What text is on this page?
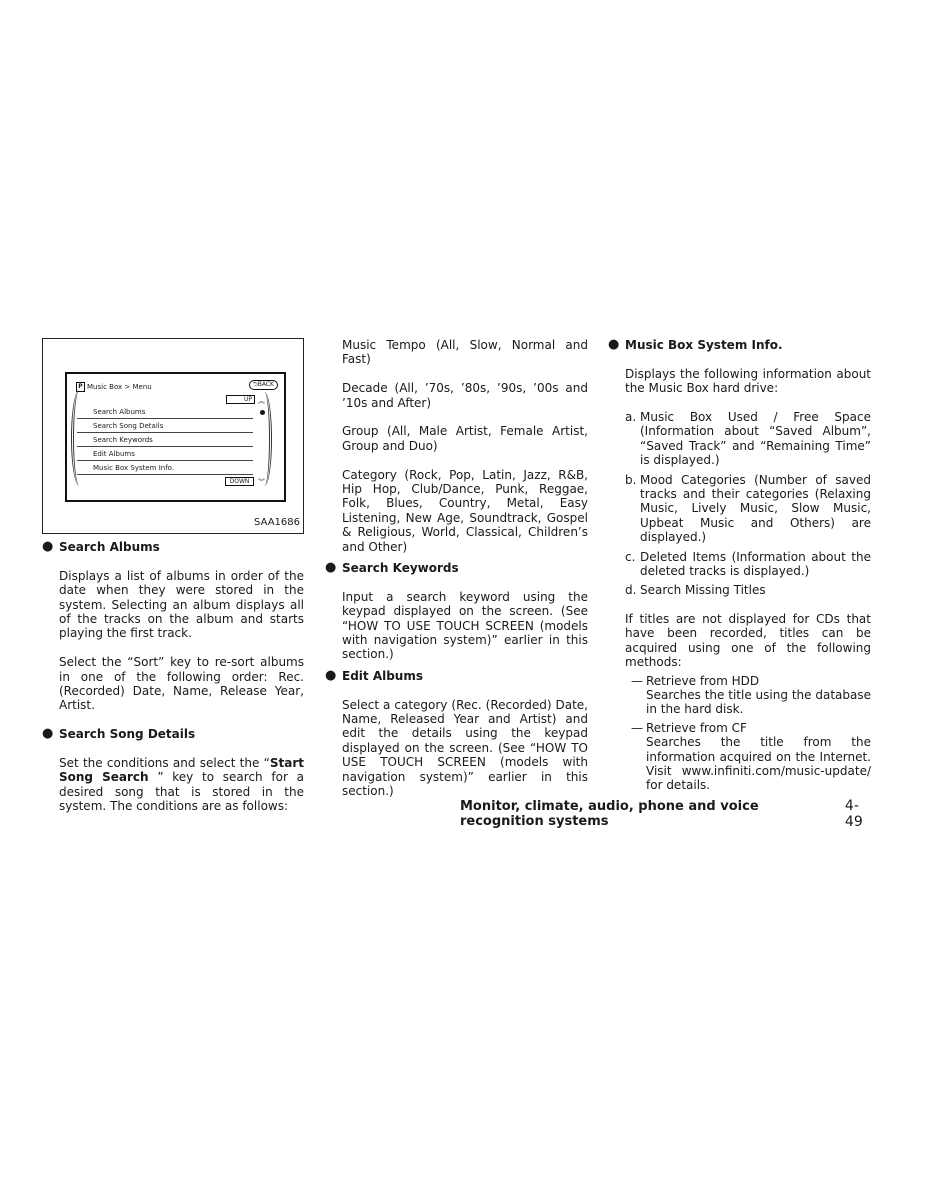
P Music Box > Menu	⮌BACK
UP ︽
Search Albums
Search Song Details
Search Keywords
Edit Albums
Music Box System Info.
DOWN	︾
SAA1686
● Search Albums

Displays a list of albums in order of the date when they were stored in the system. Selecting an album displays all of the tracks on the album and starts playing the first track.

Select the “Sort” key to re-sort albums in one of the following order: Rec. (Recorded) Date, Name, Release Year, Artist.

● Search Song Details

Set the conditions and select the “Start Song Search ” key to search for a desired song that is stored in the system. The conditions are as follows:

Music Tempo (All, Slow, Normal and Fast)

Decade (All, ’70s, ’80s, ’90s, ’00s and ’10s and After)

Group (All, Male Artist, Female Artist, Group and Duo)

Category (Rock, Pop, Latin, Jazz, R&B, Hip Hop, Club/Dance, Punk, Reggae, Folk, Blues, Country, Metal, Easy Listening, New Age, Soundtrack, Gospel & Religious, World, Classical, Children’s and Other)

● Search Keywords

Input a search keyword using the keypad displayed on the screen. (See “HOW TO USE TOUCH SCREEN (models with navigation system)” earlier in this section.)

● Edit Albums

Select a category (Rec. (Recorded) Date, Name, Released Year and Artist) and edit the details using the keypad displayed on the screen. (See “HOW TO USE TOUCH SCREEN (models with navigation system)” earlier in this section.)

● Music Box System Info.

Displays the following information about the Music Box hard drive:

a. Music Box Used / Free Space (Information about “Saved Album”, “Saved Track” and “Remaining Time” is displayed.)
b. Mood Categories (Number of saved tracks and their categories (Relaxing Music, Lively Music, Slow Music, Upbeat Music and Others) are displayed.)
c. Deleted Items (Information about the deleted tracks is displayed.)
d. Search Missing Titles

If titles are not displayed for CDs that have been recorded, titles can be acquired using one of the following methods:

— Retrieve from HDD
Searches the title using the database in the hard disk.
— Retrieve from CF
Searches the title from the information acquired on the Internet. Visit www.infiniti.com/music-update/ for details.
Monitor, climate, audio, phone and voice recognition systems
4-49
